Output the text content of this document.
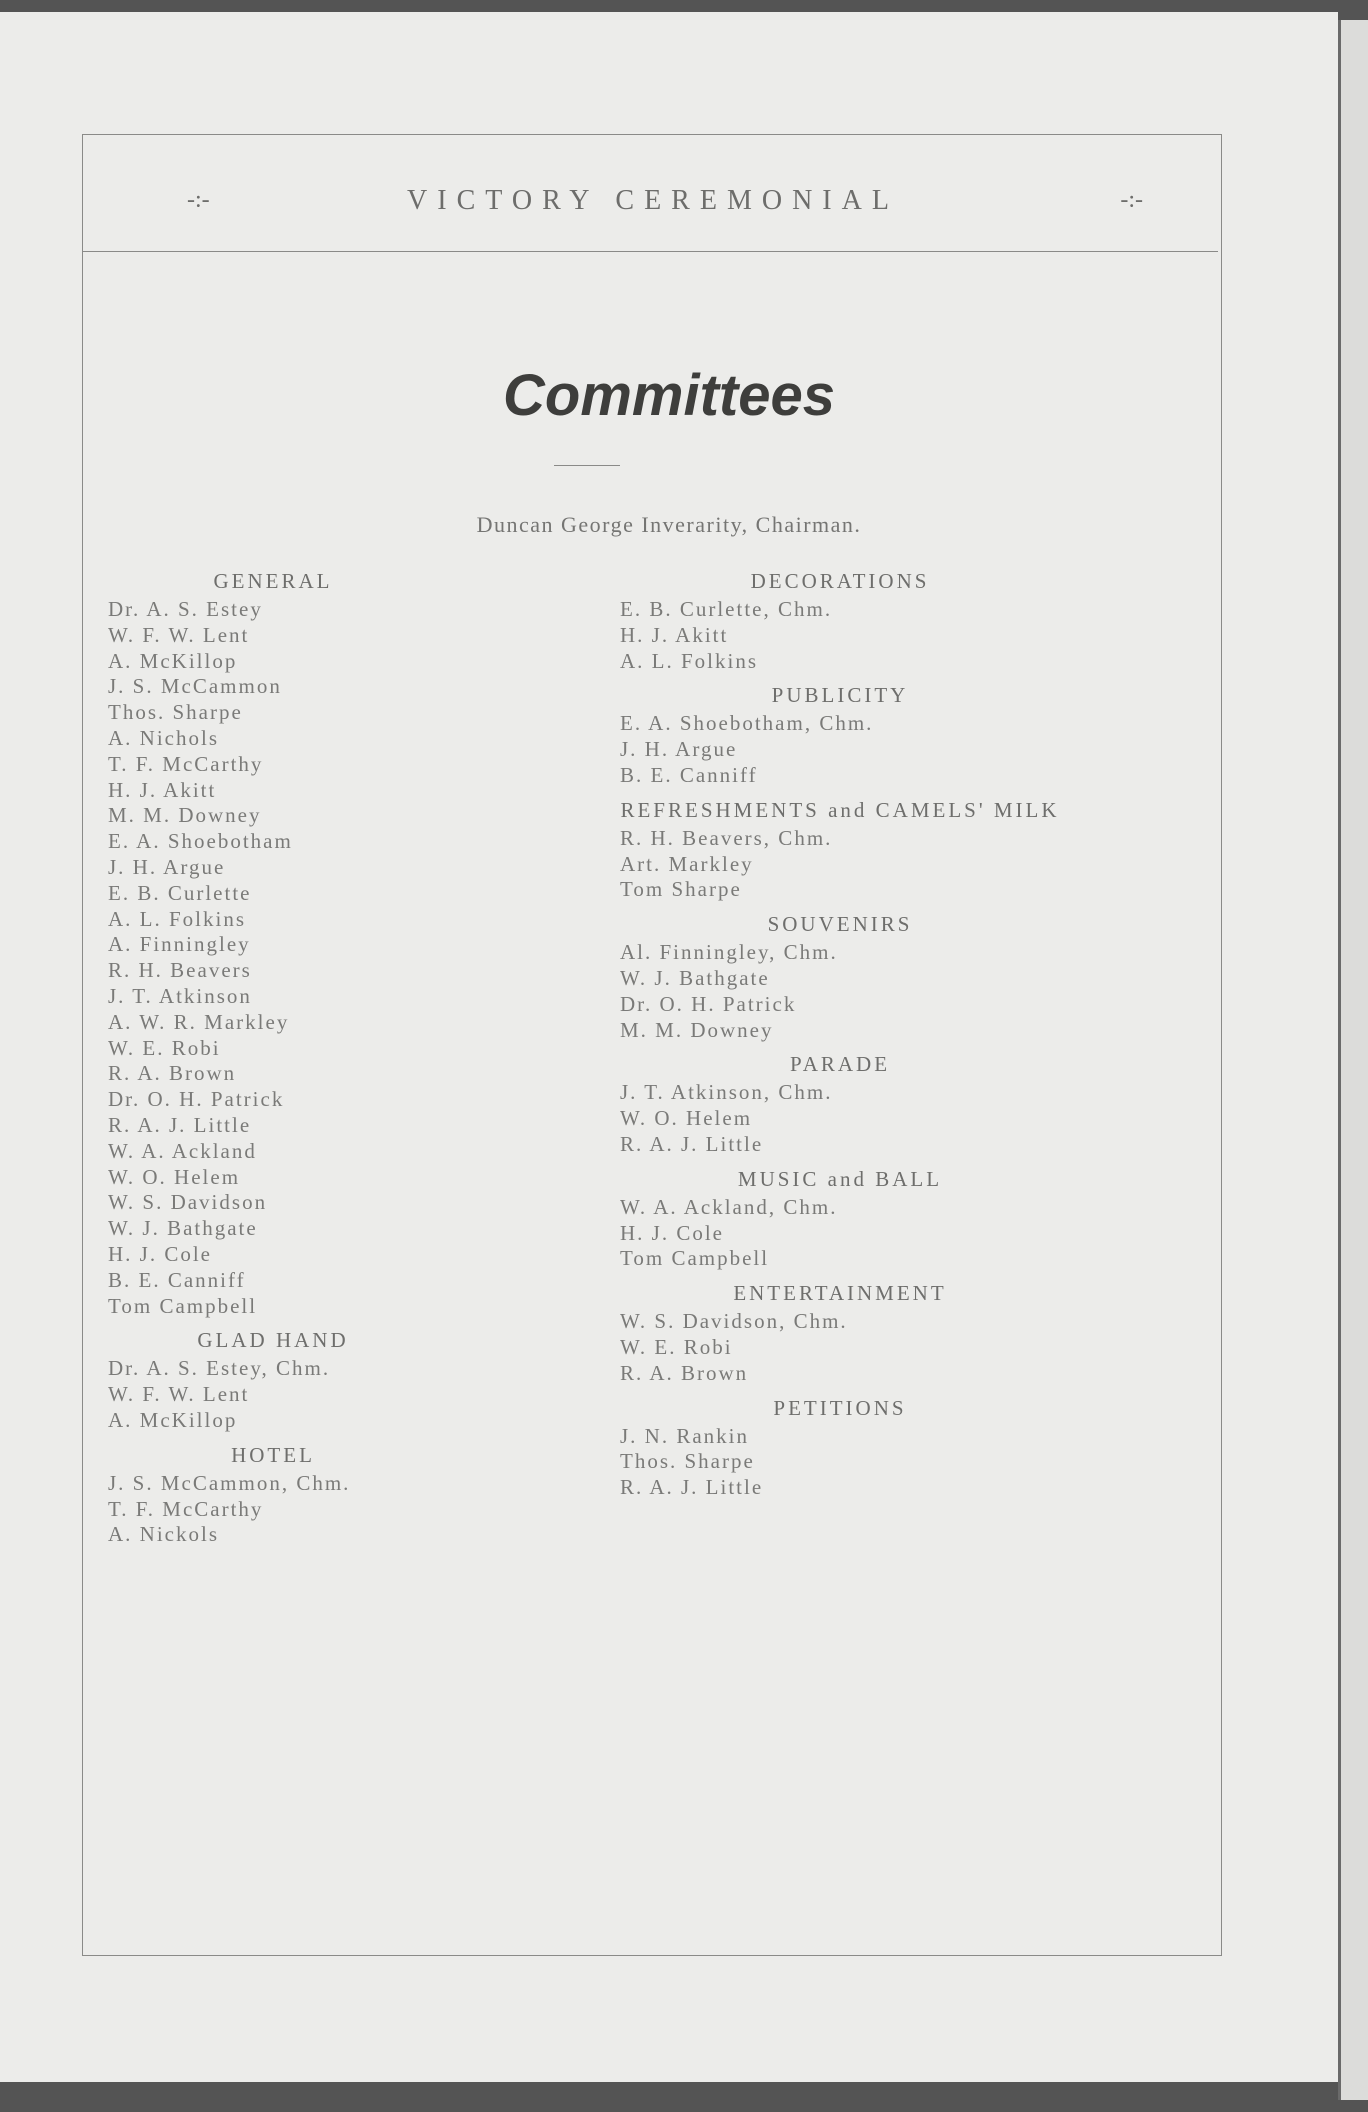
-:-	VICTORY CEREMONIAL	-:-
Committees
Duncan George Inverarity, Chairman.
GENERAL
Dr. A. S. Estey
W. F. W. Lent
A. McKillop
J. S. McCammon
Thos. Sharpe
A. Nichols
T. F. McCarthy
H. J. Akitt
M. M. Downey
E. A. Shoebotham
J. H. Argue
E. B. Curlette
A. L. Folkins
A. Finningley
R. H. Beavers
J. T. Atkinson
A. W. R. Markley
W. E. Robi
R. A. Brown
Dr. O. H. Patrick
R. A. J. Little
W. A. Ackland
W. O. Helem
W. S. Davidson
W. J. Bathgate
H. J. Cole
B. E. Canniff
Tom Campbell
GLAD HAND
Dr. A. S. Estey, Chm.
W. F. W. Lent
A. McKillop
HOTEL
J. S. McCammon, Chm.
T. F. McCarthy
A. Nickols
DECORATIONS
E. B. Curlette, Chm.
H. J. Akitt
A. L. Folkins
PUBLICITY
E. A. Shoebotham, Chm.
J. H. Argue
B. E. Canniff
REFRESHMENTS and CAMELS' MILK
R. H. Beavers, Chm.
Art. Markley
Tom Sharpe
SOUVENIRS
Al. Finningley, Chm.
W. J. Bathgate
Dr. O. H. Patrick
M. M. Downey
PARADE
J. T. Atkinson, Chm.
W. O. Helem
R. A. J. Little
MUSIC and BALL
W. A. Ackland, Chm.
H. J. Cole
Tom Campbell
ENTERTAINMENT
W. S. Davidson, Chm.
W. E. Robi
R. A. Brown
PETITIONS
J. N. Rankin
Thos. Sharpe
R. A. J. Little
